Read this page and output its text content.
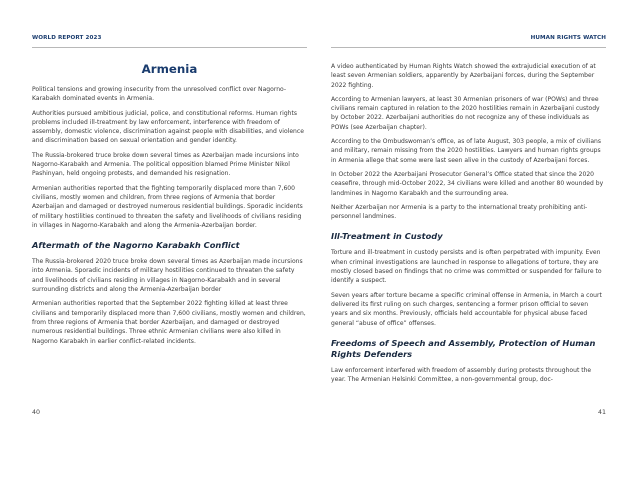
WORLD REPORT 2023	HUMAN RIGHTS WATCH
Armenia

Political tensions and growing insecurity from the unresolved conflict over Nagorno-Karabakh dominated events in Armenia.

Authorities pursued ambitious judicial, police, and constitutional reforms. Human rights problems included ill-treatment by law enforcement, interference with freedom of assembly, domestic violence, discrimination against people with disabilities, and violence and discrimination based on sexual orientation and gender identity.

The Russia-brokered truce broke down several times as Azerbaijan made incursions into Nagorno-Karabakh and Armenia. The political opposition blamed Prime Minister Nikol Pashinyan, held ongoing protests, and demanded his resignation.

Armenian authorities reported that the fighting temporarily displaced more than 7,600 civilians, mostly women and children, from three regions of Armenia that border Azerbaijan and damaged or destroyed numerous residential buildings. Sporadic incidents of military hostilities continued to threaten the safety and livelihoods of civilians residing in villages in Nagorno-Karabakh and along the Armenia-Azerbaijan border.

Aftermath of the Nagorno Karabakh Conflict

The Russia-brokered 2020 truce broke down several times as Azerbaijan made incursions into Armenia. Sporadic incidents of military hostilities continued to threaten the safety and livelihoods of civilians residing in villages in Nagorno-Karabakh and in several surrounding districts and along the Armenia-Azerbaijan border

Armenian authorities reported that the September 2022 fighting killed at least three civilians and temporarily displaced more than 7,600 civilians, mostly women and children, from three regions of Armenia that border Azerbaijan, and damaged or destroyed numerous residential buildings. Three ethnic Armenian civilians were also killed in Nagorno Karabakh in earlier conflict-related incidents.

A video authenticated by Human Rights Watch showed the extrajudicial execution of at least seven Armenian soldiers, apparently by Azerbaijani forces, during the September 2022 fighting.

According to Armenian lawyers, at least 30 Armenian prisoners of war (POWs) and three civilians remain captured in relation to the 2020 hostilities remain in Azerbaijani custody by October 2022. Azerbaijani authorities do not recognize any of these individuals as POWs (see Azerbaijan chapter).

According to the Ombudswoman’s office, as of late August, 303 people, a mix of civilians and military, remain missing from the 2020 hostilities. Lawyers and human rights groups in Armenia allege that some were last seen alive in the custody of Azerbaijani forces.

In October 2022 the Azerbaijani Prosecutor General’s Office stated that since the 2020 ceasefire, through mid-October 2022, 34 civilians were killed and another 80 wounded by landmines in Nagorno Karabakh and the surrounding area.

Neither Azerbaijan nor Armenia is a party to the international treaty prohibiting anti-personnel landmines.

Ill-Treatment in Custody

Torture and ill-treatment in custody persists and is often perpetrated with impunity. Even when criminal investigations are launched in response to allegations of torture, they are mostly closed based on findings that no crime was committed or suspended for failure to identify a suspect.

Seven years after torture became a specific criminal offense in Armenia, in March a court delivered its first ruling on such charges, sentencing a former prison official to seven years and six months. Previously, officials held accountable for physical abuse faced general “abuse of office” offenses.

Freedoms of Speech and Assembly, Protection of Human Rights Defenders

Law enforcement interfered with freedom of assembly during protests throughout the year. The Armenian Helsinki Committee, a non-governmental group, doc-

40	41
